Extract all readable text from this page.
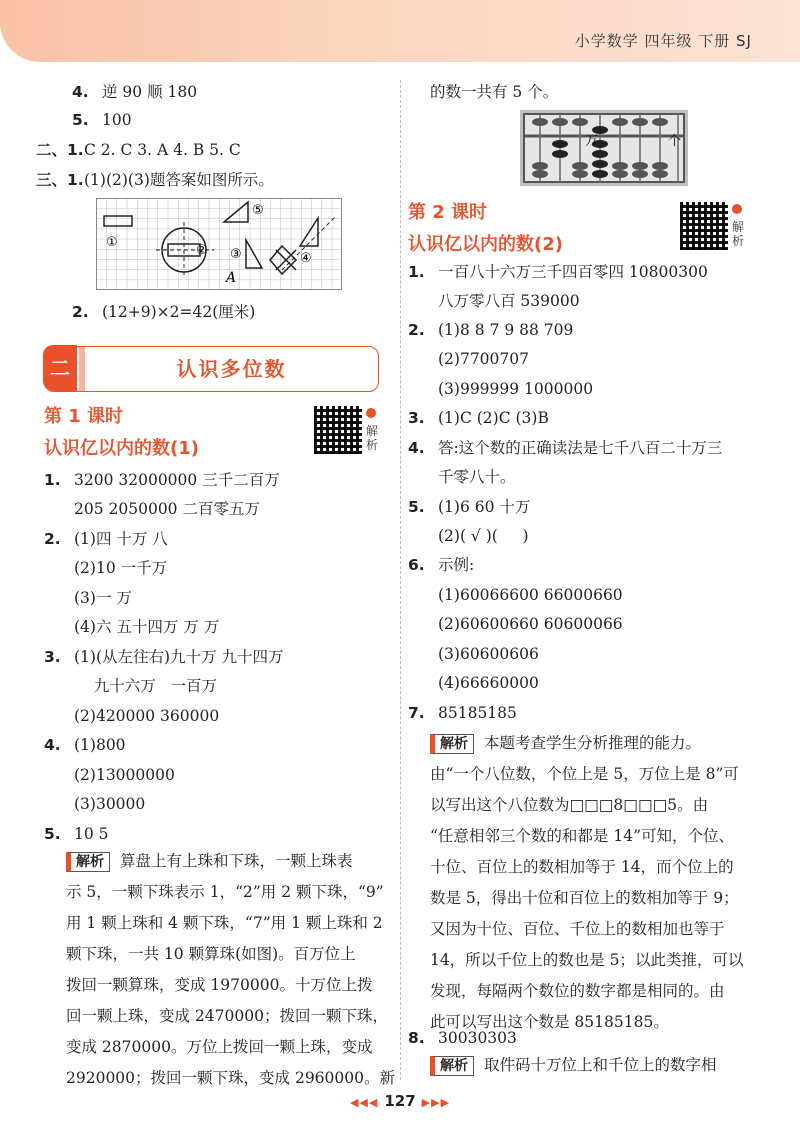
小学数学 四年级 下册 SJ
4. 逆 90 顺 180
5. 100
二、1.C 2. C 3. A 4. B 5. C
三、1.(1)(2)(3)题答案如图所示。
①
② ③	④
⑤
A
2. (12+9)×2=42(厘米)
二	认识多位数
第 1 课时
认识亿以内的数(1)
解析
1. 3200 32000000 三千二百万
205 2050000 二百零五万
2. (1)四 十万 八
(2)10 一千万
(3)一 万
(4)六 五十四万 万 万
3. (1)(从左往右)九十万 九十四万
九十六万   一百万
(2)420000 360000
4. (1)800
(2)13000000
(3)30000
5. 10 5
解析 算盘上有上珠和下珠，一颗上珠表
示 5，一颗下珠表示 1，“2”用 2 颗下珠，“9”
用 1 颗上珠和 4 颗下珠，“7”用 1 颗上珠和 2
颗下珠，一共 10 颗算珠(如图)。百万位上
拨回一颗算珠，变成 1970000。十万位上拨
回一颗上珠，变成 2470000；拨回一颗下珠，
变成 2870000。万位上拨回一颗上珠，变成
2920000；拨回一颗下珠，变成 2960000。新
的数一共有 5 个。
万	个
第 2 课时
认识亿以内的数(2)
解析
1. 一百八十六万三千四百零四 10800300
八万零八百 539000
2. (1)8 8 7 9 88 709
(2)7700707
(3)999999 1000000
3. (1)C (2)C (3)B
4. 答:这个数的正确读法是七千八百二十万三
千零八十。
5. (1)6 60 十万
(2)( √ )(     )
6. 示例:
(1)60066600 66000660
(2)60600660 60600066
(3)60600606
(4)66660000
7. 85185185
解析 本题考查学生分析推理的能力。
由“一个八位数，个位上是 5，万位上是 8”可
以写出这个八位数为□□□8□□□5。由
“任意相邻三个数的和都是 14”可知，个位、
十位、百位上的数相加等于 14，而个位上的
数是 5，得出十位和百位上的数相加等于 9；
又因为十位、百位、千位上的数相加也等于
14，所以千位上的数也是 5；以此类推，可以
发现，每隔两个数位的数字都是相同的。由
此可以写出这个数是 85185185。
8. 30030303
解析 取件码十万位上和千位上的数字相
◀◀◀ 127 ▶▶▶
